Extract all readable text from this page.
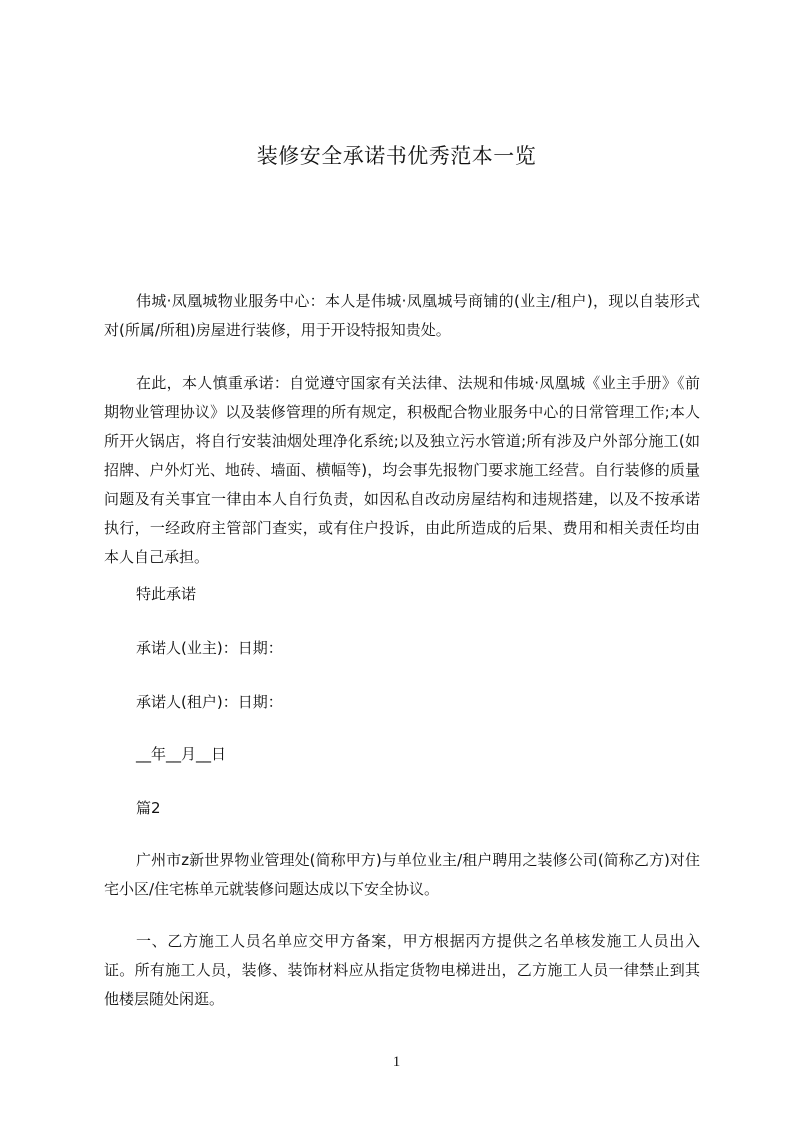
装修安全承诺书优秀范本一览

伟城·凤凰城物业服务中心：本人是伟城·凤凰城号商铺的(业主/租户)，现以自装形式对(所属/所租)房屋进行装修，用于开设特报知贵处。

在此，本人慎重承诺：自觉遵守国家有关法律、法规和伟城·凤凰城《业主手册》《前期物业管理协议》以及装修管理的所有规定，积极配合物业服务中心的日常管理工作;本人所开火锅店，将自行安装油烟处理净化系统;以及独立污水管道;所有涉及户外部分施工(如招牌、户外灯光、地砖、墙面、横幅等)，均会事先报物门要求施工经营。自行装修的质量问题及有关事宜一律由本人自行负责，如因私自改动房屋结构和违规搭建，以及不按承诺执行，一经政府主管部门查实，或有住户投诉，由此所造成的后果、费用和相关责任均由本人自己承担。

特此承诺

承诺人(业主)：日期：

承诺人(租户)：日期：

__年__月__日

篇2

广州市z新世界物业管理处(简称甲方)与单位业主/租户聘用之装修公司(简称乙方)对住宅小区/住宅栋单元就装修问题达成以下安全协议。

一、乙方施工人员名单应交甲方备案，甲方根据丙方提供之名单核发施工人员出入证。所有施工人员，装修、装饰材料应从指定货物电梯进出，乙方施工人员一律禁止到其他楼层随处闲逛。

1
